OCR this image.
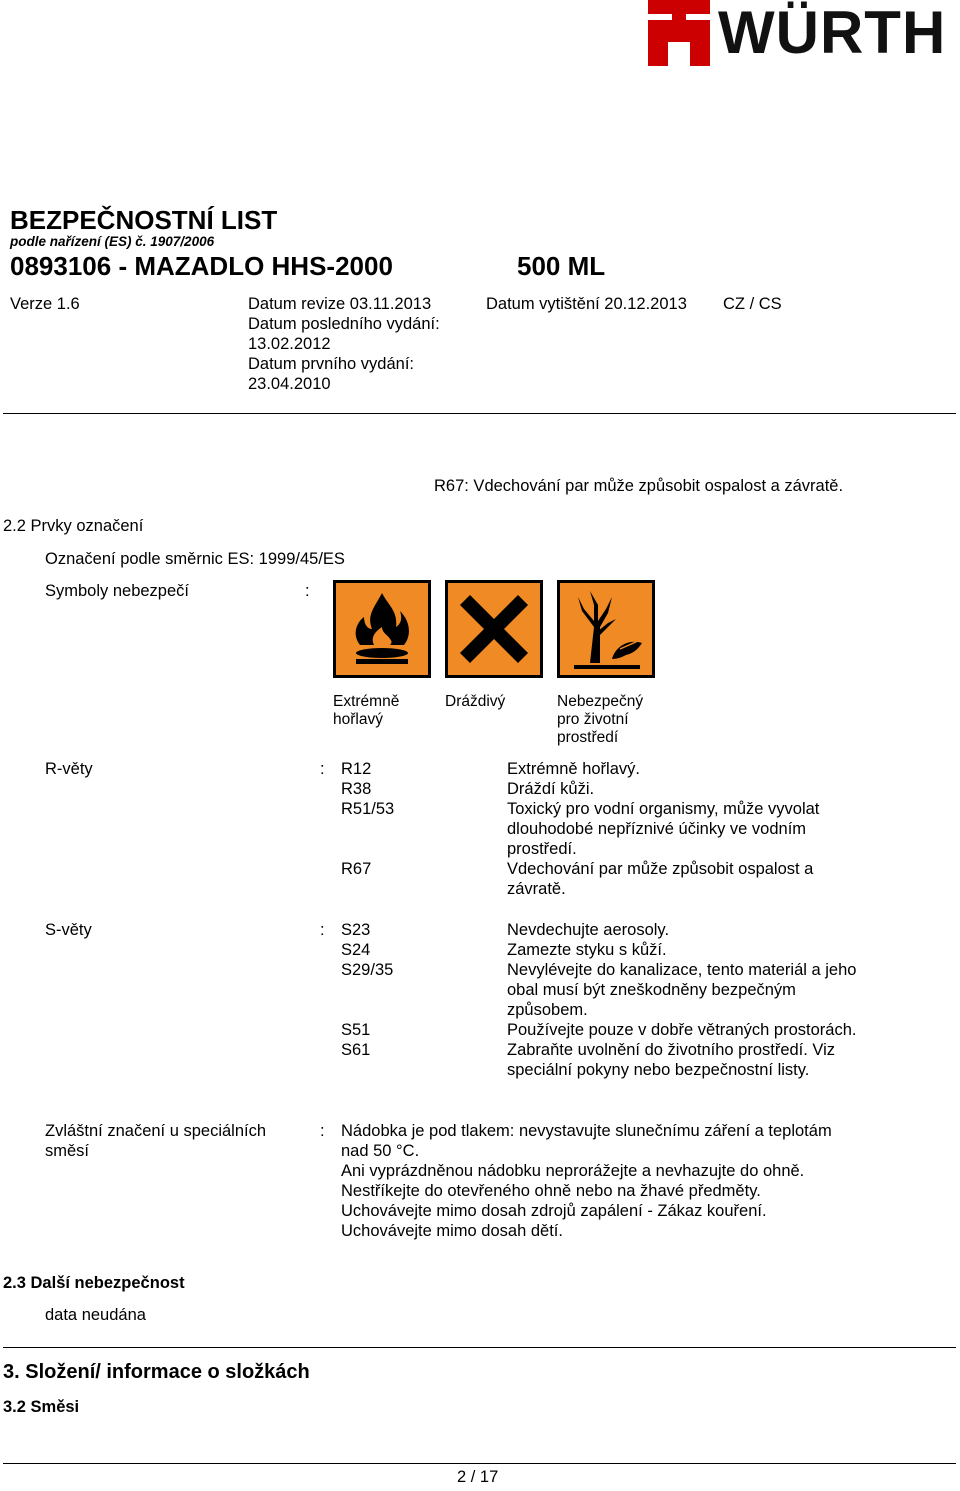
WÜRTH
BEZPEČNOSTNÍ LIST
podle nařízení (ES) č. 1907/2006
0893106 - MAZADLO HHS-2000	500 ML
Verze 1.6	Datum revize 03.11.2013
Datum posledního vydání:
13.02.2012
Datum prvního vydání:
23.04.2010
Datum vytištění 20.12.2013 CZ / CS
R67: Vdechování par může způsobit ospalost a závratě.
2.2 Prvky označení
Označení podle směrnic ES: 1999/45/ES
Symboly nebezpečí	:
Extrémně
hořlavý
Dráždivý	Nebezpečný
pro životní
prostředí
R-věty	: R12	Extrémně hořlavý.
R38	Dráždí kůži.
R51/53	Toxický pro vodní organismy, může vyvolat
dlouhodobé nepříznivé účinky ve vodním
prostředí.
R67	Vdechování par může způsobit ospalost a
závratě.
S-věty	: S23	Nevdechujte aerosoly.
S24	Zamezte styku s kůží.
S29/35	Nevylévejte do kanalizace, tento materiál a jeho
obal musí být zneškodněny bezpečným
způsobem.
S51	Používejte pouze v dobře větraných prostorách.
S61	Zabraňte uvolnění do životního prostředí. Viz
speciální pokyny nebo bezpečnostní listy.
Zvláštní značení u speciálních
směsí
: Nádobka je pod tlakem: nevystavujte slunečnímu záření a teplotám
nad 50 °C.
Ani vyprázdněnou nádobku neprorážejte a nevhazujte do ohně.
Nestříkejte do otevřeného ohně nebo na žhavé předměty.
Uchovávejte mimo dosah zdrojů zapálení - Zákaz kouření.
Uchovávejte mimo dosah dětí.
2.3 Další nebezpečnost
data neudána
3. Složení/ informace o složkách
3.2 Směsi
2 / 17
